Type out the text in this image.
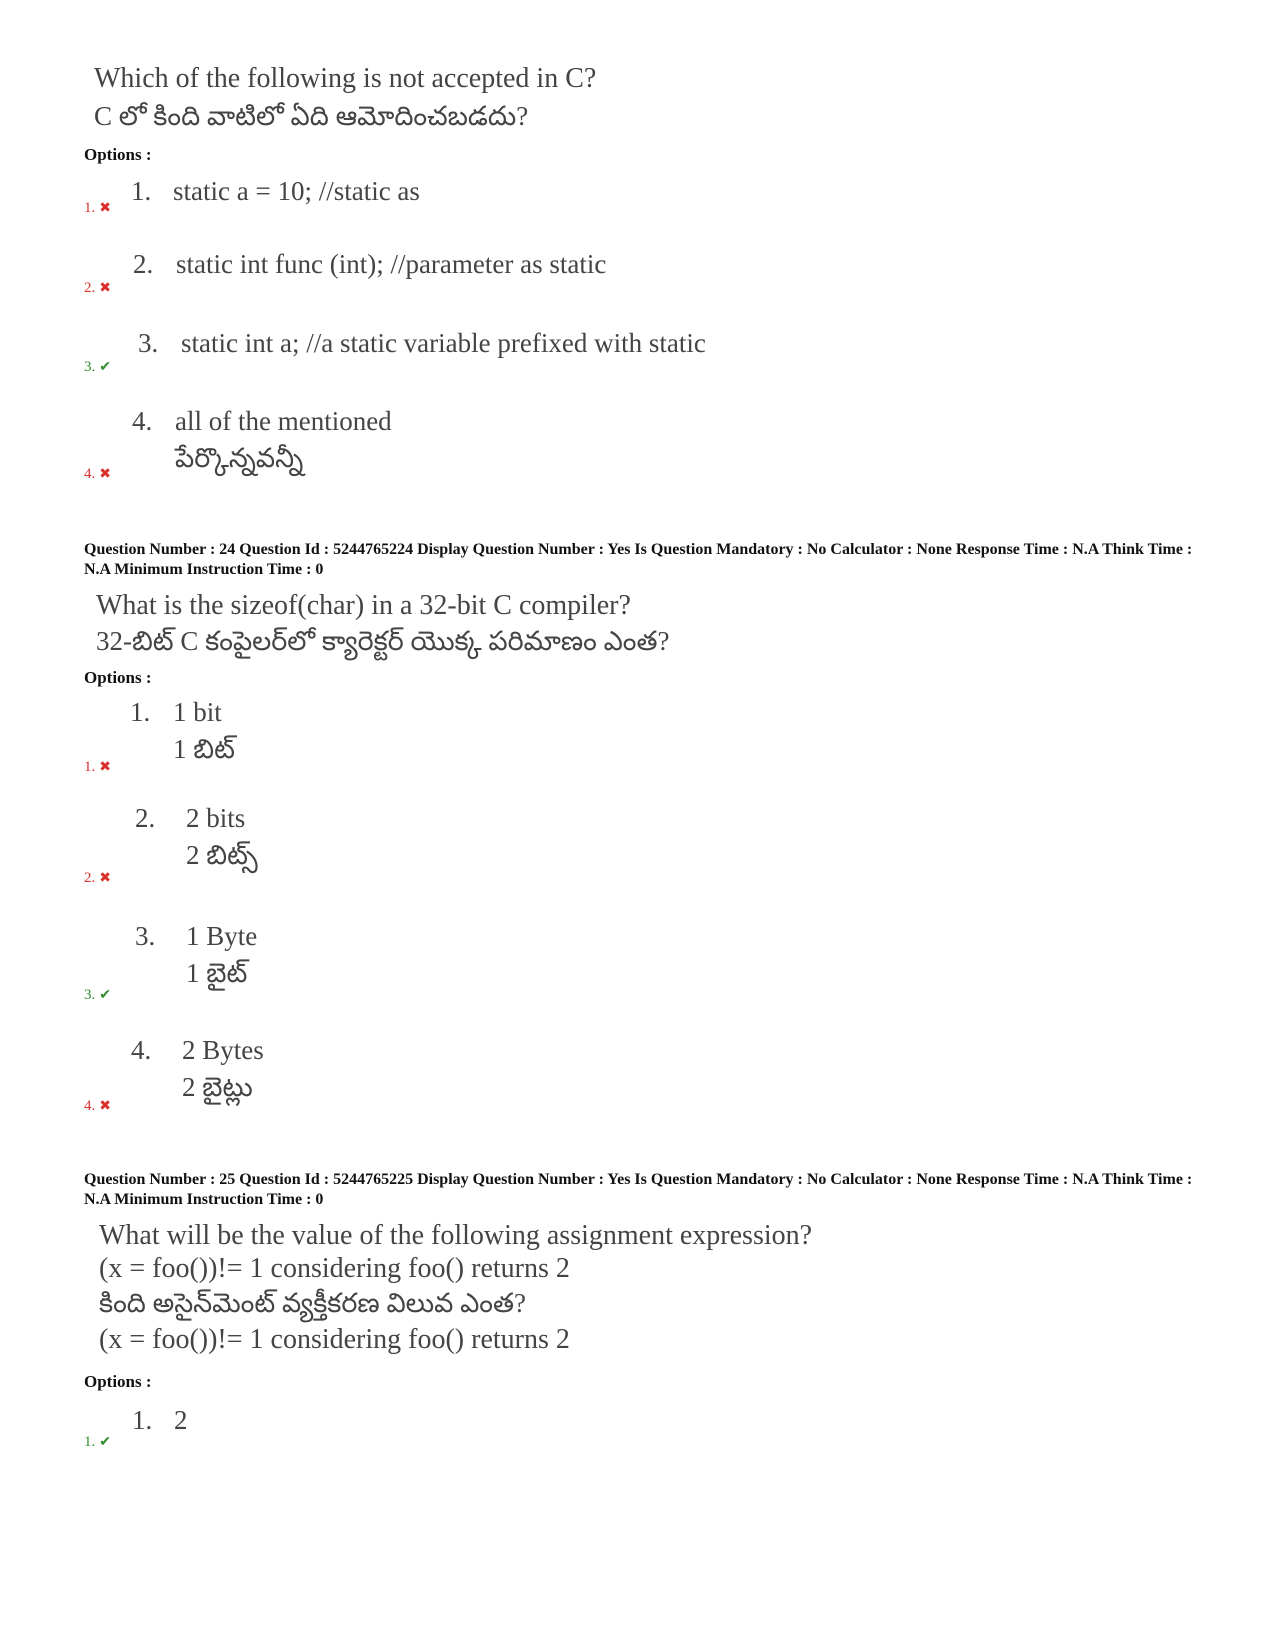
Which of the following is not accepted in C?
C లో కింది వాటిలో ఏది ఆమోదించబడదు?
Options :
1. static a = 10; //static as
1. ✖
2. static int func (int); //parameter as static
2. ✖
3. static int a; //a static variable prefixed with static
3. ✔
4. all of the mentioned
పేర్కొన్నవన్నీ
4. ✖
Question Number : 24 Question Id : 5244765224 Display Question Number : Yes Is Question Mandatory : No Calculator : None Response Time : N.A Think Time : N.A Minimum Instruction Time : 0
What is the sizeof(char) in a 32-bit C compiler?
32-బిట్ C కంపైలర్‌లో క్యారెక్టర్ యొక్క పరిమాణం ఎంత?
Options :
1. 1 bit
1 బిట్
1. ✖
2. 2 bits
2 బిట్స్
2. ✖
3. 1 Byte
1 బైట్
3. ✔
4. 2 Bytes
2 బైట్లు
4. ✖
Question Number : 25 Question Id : 5244765225 Display Question Number : Yes Is Question Mandatory : No Calculator : None Response Time : N.A Think Time : N.A Minimum Instruction Time : 0
What will be the value of the following assignment expression?
(x = foo())!= 1 considering foo() returns 2
కింది అసైన్‌మెంట్ వ్యక్తీకరణ విలువ ఎంత?
(x = foo())!= 1 considering foo() returns 2
Options :
1. 2
1. ✔
